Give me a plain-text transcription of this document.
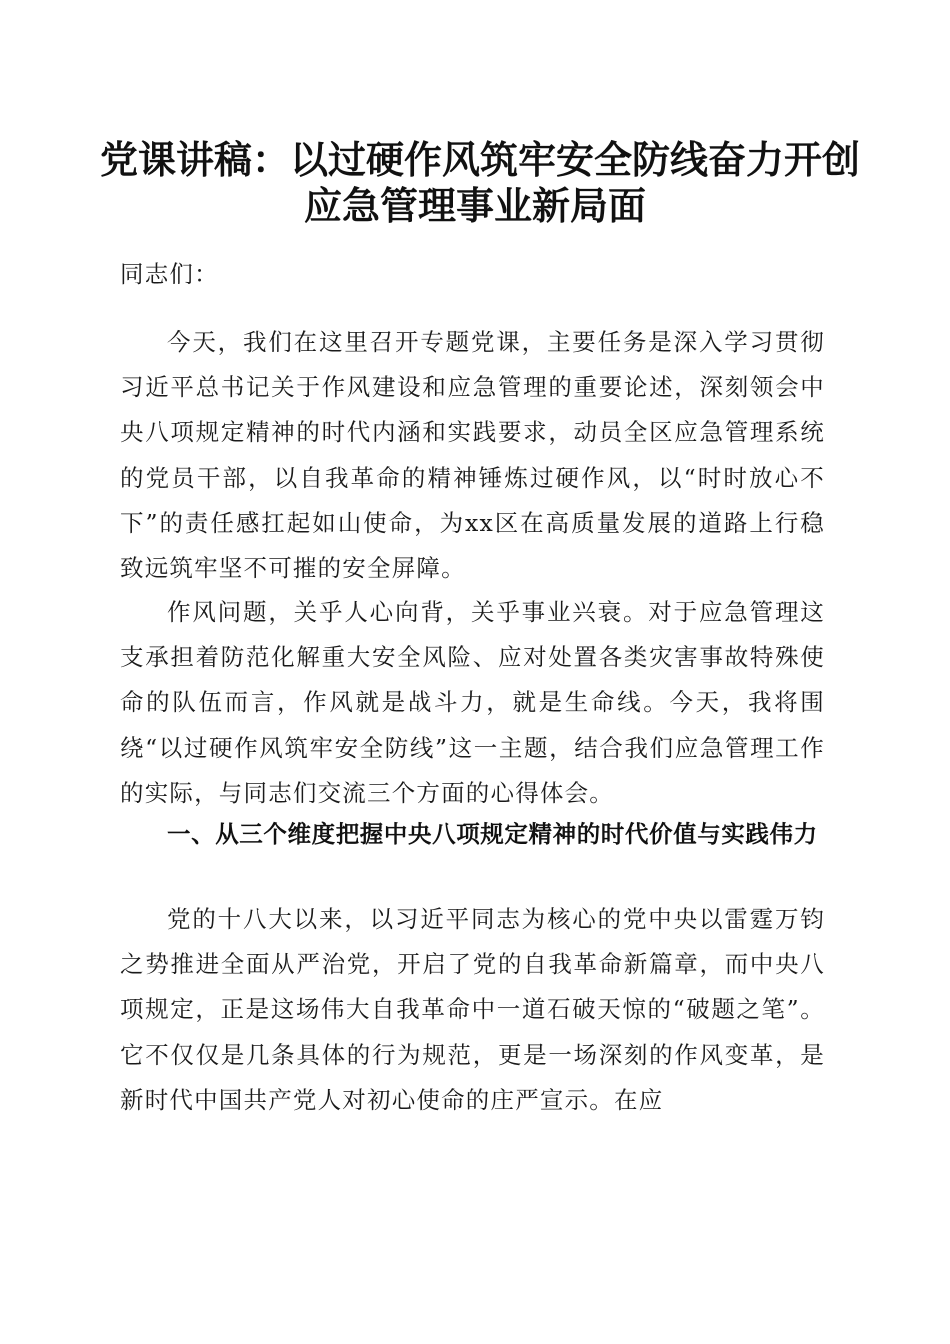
党课讲稿：以过硬作风筑牢安全防线奋力开创
应急管理事业新局面

同志们：

今天，我们在这里召开专题党课，主要任务是深入学习贯彻习近平总书记关于作风建设和应急管理的重要论述，深刻领会中央八项规定精神的时代内涵和实践要求，动员全区应急管理系统的党员干部，以自我革命的精神锤炼过硬作风，以“时时放心不下”的责任感扛起如山使命，为xx区在高质量发展的道路上行稳致远筑牢坚不可摧的安全屏障。

作风问题，关乎人心向背，关乎事业兴衰。对于应急管理这支承担着防范化解重大安全风险、应对处置各类灾害事故特殊使命的队伍而言，作风就是战斗力，就是生命线。今天，我将围绕“以过硬作风筑牢安全防线”这一主题，结合我们应急管理工作的实际，与同志们交流三个方面的心得体会。

一、从三个维度把握中央八项规定精神的时代价值与实践伟力

党的十八大以来，以习近平同志为核心的党中央以雷霆万钧之势推进全面从严治党，开启了党的自我革命新篇章，而中央八项规定，正是这场伟大自我革命中一道石破天惊的“破题之笔”。它不仅仅是几条具体的行为规范，更是一场深刻的作风变革，是新时代中国共产党人对初心使命的庄严宣示。在应
